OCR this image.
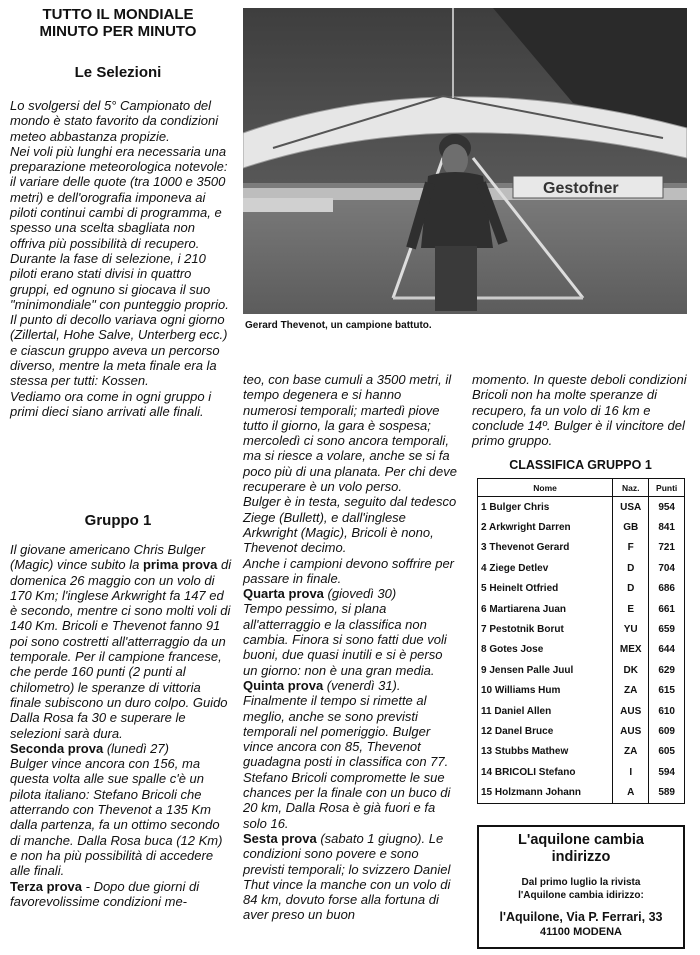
TUTTO IL MONDIALE
MINUTO PER MINUTO
Le Selezioni

Lo svolgersi del 5° Campionato del mondo è stato favorito da condizioni meteo abbastanza propizie.

Nei voli più lunghi era necessaria una preparazione meteorologica notevole: il variare delle quote (tra 1000 e 3500 metri) e dell'orografia imponeva ai piloti continui cambi di programma, e spesso una scelta sbagliata non offriva più possibilità di recupero.

Durante la fase di selezione, i 210 piloti erano stati divisi in quattro gruppi, ed ognuno si giocava il suo "minimondiale" con punteggio proprio. Il punto di decollo variava ogni giorno (Zillertal, Hohe Salve, Unterberg ecc.) e ciascun gruppo aveva un percorso diverso, mentre la meta finale era la stessa per tutti: Kossen.

Vediamo ora come in ogni gruppo i primi dieci siano arrivati alle finali.

Gruppo 1

Il giovane americano Chris Bulger (Magic) vince subito la prima prova di domenica 26 maggio con un volo di 170 Km; l'inglese Arkwright fa 147 ed è secondo, mentre ci sono molti voli di 140 Km. Bricoli e Thevenot fanno 91 poi sono costretti all'atterraggio da un temporale. Per il campione francese, che perde 160 punti (2 punti al chilometro) le speranze di vittoria finale subiscono un duro colpo. Guido Dalla Rosa fa 30 e superare le selezioni sarà dura.

Seconda prova (lunedì 27)

Bulger vince ancora con 156, ma questa volta alle sue spalle c'è un pilota italiano: Stefano Bricoli che atterrando con Thevenot a 135 Km dalla partenza, fa un ottimo secondo di manche. Dalla Rosa buca (12 Km) e non ha più possibilità di accedere alle finali.

Terza prova - Dopo due giorni di favorevolissime condizioni me-

Gestofner
Gerard Thevenot, un campione battuto.

teo, con base cumuli a 3500 metri, il tempo degenera e si hanno numerosi temporali; martedì piove tutto il giorno, la gara è sospesa; mercoledì ci sono ancora temporali, ma si riesce a volare, anche se si fa poco più di una planata. Per chi deve recuperare è un volo perso.

Bulger è in testa, seguito dal tedesco Ziege (Bullett), e dall'inglese Arkwright (Magic), Bricoli è nono, Thevenot decimo.

Anche i campioni devono soffrire per passare in finale.

Quarta prova (giovedì 30)

Tempo pessimo, si plana all'atterraggio e la classifica non cambia. Finora si sono fatti due voli buoni, due quasi inutili e si è perso un giorno: non è una gran media.

Quinta prova (venerdì 31). Finalmente il tempo si rimette al meglio, anche se sono previsti temporali nel pomeriggio. Bulger vince ancora con 85, Thevenot guadagna posti in classifica con 77. Stefano Bricoli compromette le sue chances per la finale con un buco di 20 km, Dalla Rosa è già fuori e fa solo 16.

Sesta prova (sabato 1 giugno). Le condizioni sono povere e sono previsti temporali; lo svizzero Daniel Thut vince la manche con un volo di 84 km, dovuto forse alla fortuna di aver preso un buon

momento. In queste deboli condizioni Bricoli non ha molte speranze di recupero, fa un volo di 16 km e conclude 14º. Bulger è il vincitore del primo gruppo.

CLASSIFICA GRUPPO 1
Nome	Naz.	Punti
1 Bulger Chris	USA	954
2 Arkwright Darren	GB	841
3 Thevenot Gerard	F	721
4 Ziege Detlev	D	704
5 Heinelt Otfried	D	686
6 Martiarena Juan	E	661
7 Pestotnik Borut	YU	659
8 Gotes Jose	MEX	644
9 Jensen Palle Juul	DK	629
10 Williams Hum	ZA	615
11 Daniel Allen	AUS	610
12 Danel Bruce	AUS	609
13 Stubbs Mathew	ZA	605
14 BRICOLI Stefano	I	594
15 Holzmann Johann	A	589
L'aquilone cambia
indirizzo
Dal primo luglio la rivista
l'Aquilone cambia idirizzo:
l'Aquilone, Via P. Ferrari, 33
41100 MODENA
